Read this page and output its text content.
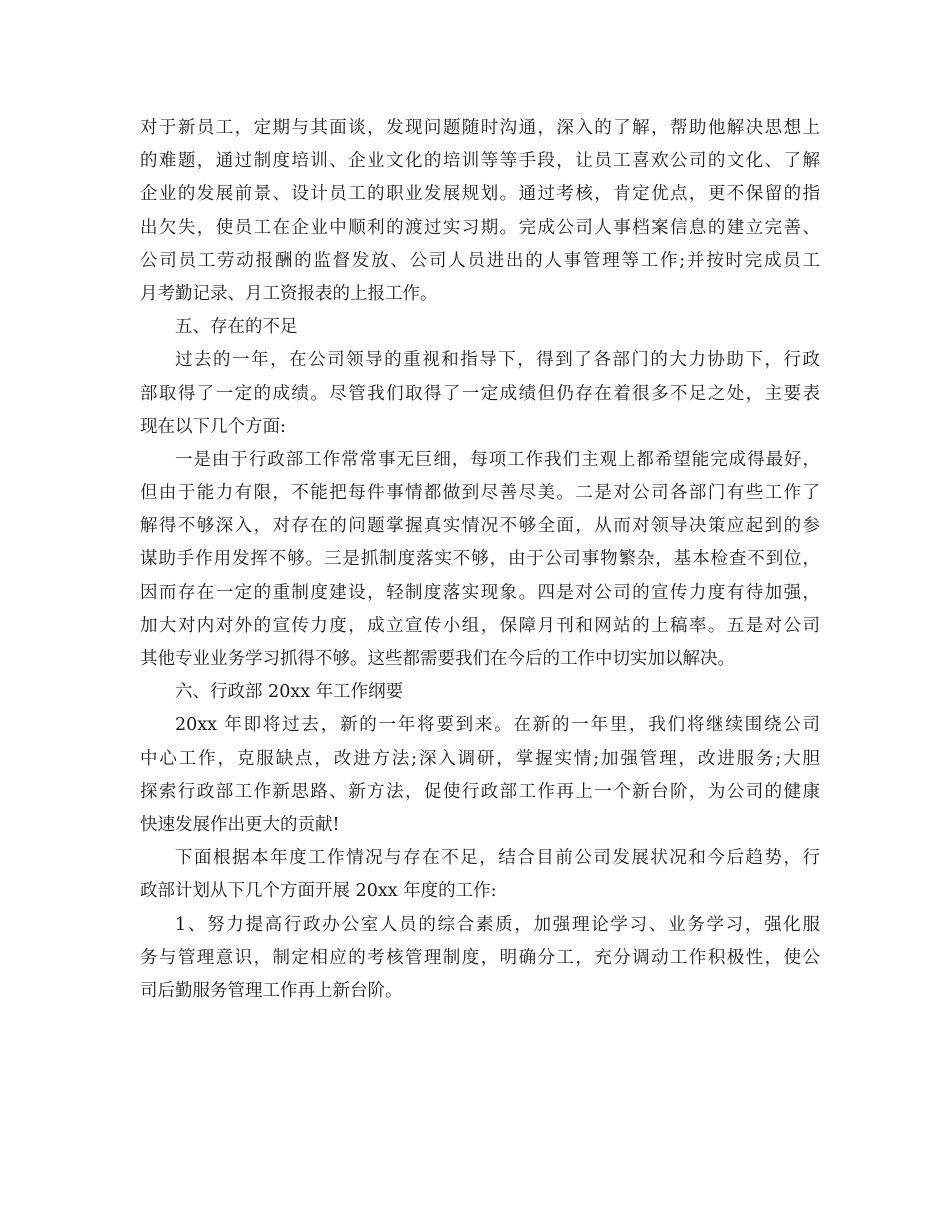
对于新员工，定期与其面谈，发现问题随时沟通，深入的了解，帮助他解决思想上
的难题，通过制度培训、企业文化的培训等等手段，让员工喜欢公司的文化、了解
企业的发展前景、设计员工的职业发展规划。通过考核，肯定优点，更不保留的指
出欠失，使员工在企业中顺利的渡过实习期。完成公司人事档案信息的建立完善、
公司员工劳动报酬的监督发放、公司人员进出的人事管理等工作;并按时完成员工
月考勤记录、月工资报表的上报工作。
五、存在的不足
过去的一年，在公司领导的重视和指导下，得到了各部门的大力协助下，行政
部取得了一定的成绩。尽管我们取得了一定成绩但仍存在着很多不足之处，主要表
现在以下几个方面:
一是由于行政部工作常常事无巨细，每项工作我们主观上都希望能完成得最好，
但由于能力有限，不能把每件事情都做到尽善尽美。二是对公司各部门有些工作了
解得不够深入，对存在的问题掌握真实情况不够全面，从而对领导决策应起到的参
谋助手作用发挥不够。三是抓制度落实不够，由于公司事物繁杂，基本检查不到位，
因而存在一定的重制度建设，轻制度落实现象。四是对公司的宣传力度有待加强，
加大对内对外的宣传力度，成立宣传小组，保障月刊和网站的上稿率。五是对公司
其他专业业务学习抓得不够。这些都需要我们在今后的工作中切实加以解决。
六、行政部 20xx 年工作纲要
20xx 年即将过去，新的一年将要到来。在新的一年里，我们将继续围绕公司
中心工作，克服缺点，改进方法;深入调研，掌握实情;加强管理，改进服务;大胆
探索行政部工作新思路、新方法，促使行政部工作再上一个新台阶，为公司的健康
快速发展作出更大的贡献!
下面根据本年度工作情况与存在不足，结合目前公司发展状况和今后趋势，行
政部计划从下几个方面开展 20xx 年度的工作:
1、努力提高行政办公室人员的综合素质，加强理论学习、业务学习，强化服
务与管理意识，制定相应的考核管理制度，明确分工，充分调动工作积极性，使公
司后勤服务管理工作再上新台阶。
